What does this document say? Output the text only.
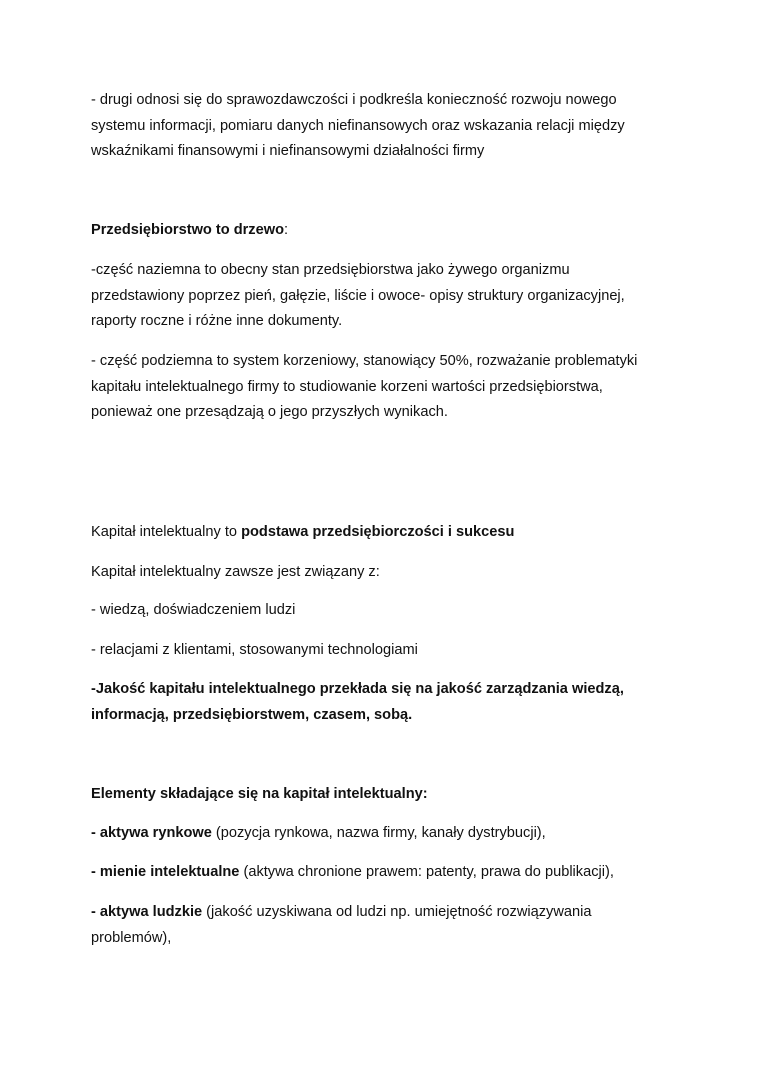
- drugi odnosi się do sprawozdawczości i podkreśla konieczność rozwoju nowego
systemu informacji, pomiaru danych niefinansowych oraz wskazania relacji między
wskaźnikami finansowymi i niefinansowymi działalności firmy
Przedsiębiorstwo to drzewo:
-część naziemna to obecny stan przedsiębiorstwa jako żywego organizmu
przedstawiony poprzez pień, gałęzie, liście i owoce- opisy struktury organizacyjnej,
raporty roczne i różne inne dokumenty.
- część podziemna to system korzeniowy, stanowiący 50%, rozważanie problematyki
kapitału intelektualnego firmy to studiowanie korzeni wartości przedsiębiorstwa,
ponieważ one przesądzają o jego przyszłych wynikach.
Kapitał intelektualny to podstawa przedsiębiorczości i sukcesu
Kapitał intelektualny zawsze jest związany z:
- wiedzą, doświadczeniem ludzi
- relacjami z klientami, stosowanymi technologiami
-Jakość kapitału intelektualnego przekłada się na jakość zarządzania wiedzą,
informacją, przedsiębiorstwem, czasem, sobą.
Elementy składające się na kapitał intelektualny:
- aktywa rynkowe (pozycja rynkowa, nazwa firmy, kanały dystrybucji),
- mienie intelektualne (aktywa chronione prawem: patenty, prawa do publikacji),
- aktywa ludzkie (jakość uzyskiwana od ludzi np. umiejętność rozwiązywania
problemów),
